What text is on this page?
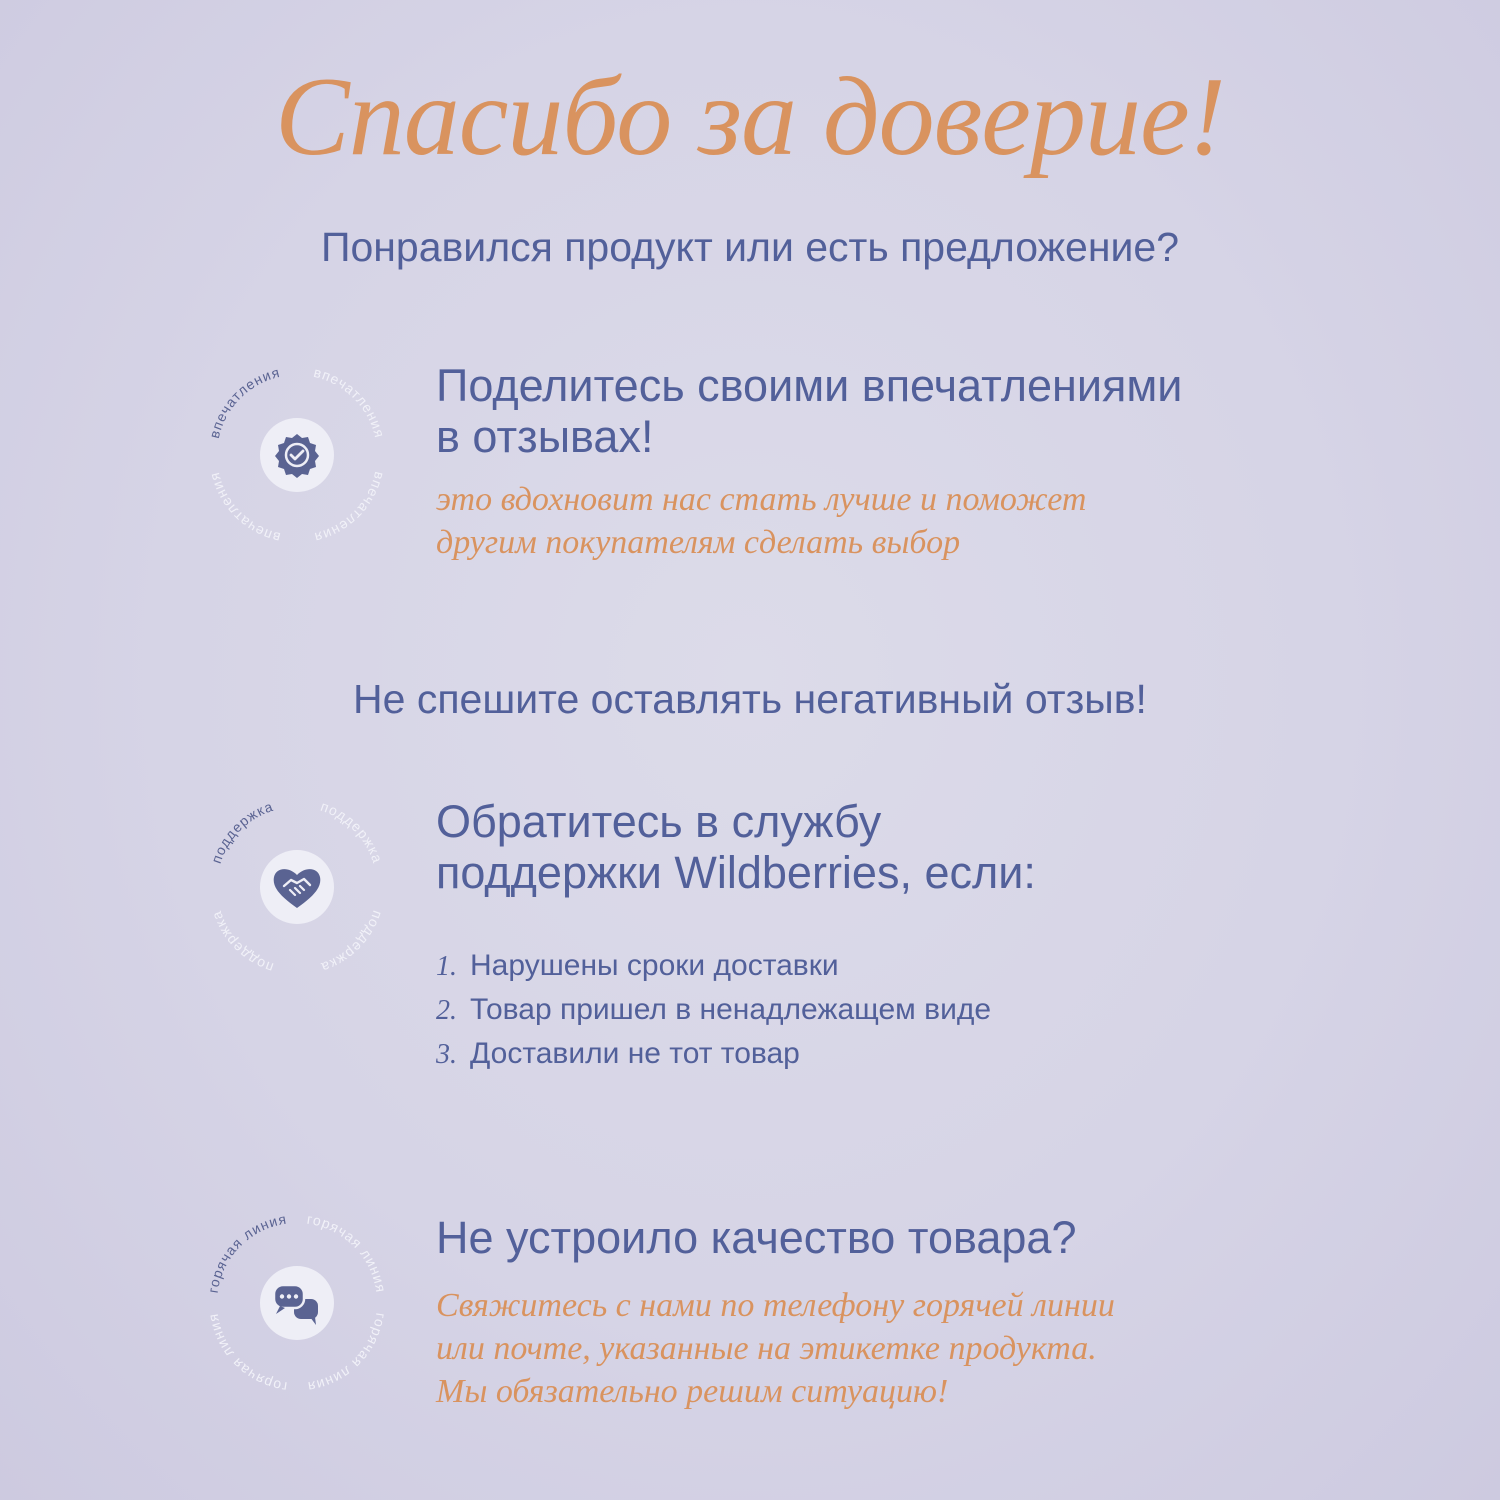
Спасибо за доверие!
Понравился продукт или есть предложение?
впечатления впечатления
впечатления
впечатления
Поделитесь своими впечатлениями
в отзывах!
это вдохновит нас стать лучше и поможет
другим покупателям сделать выбор
Не спешите оставлять негативный отзыв!
поддержка	поддержка
поддержка
поддержка
Обратитесь в службу
поддержки Wildberries, если:
1. Нарушены сроки доставки
2. Товар пришел в ненадлежащем виде
3. Доставили не тот товар
горячая линия горячая линия
горячая линия
горячая линия
Не устроило качество товара?
Свяжитесь с нами по телефону горячей линии
или почте, указанные на этикетке продукта.
Мы обязательно решим ситуацию!
